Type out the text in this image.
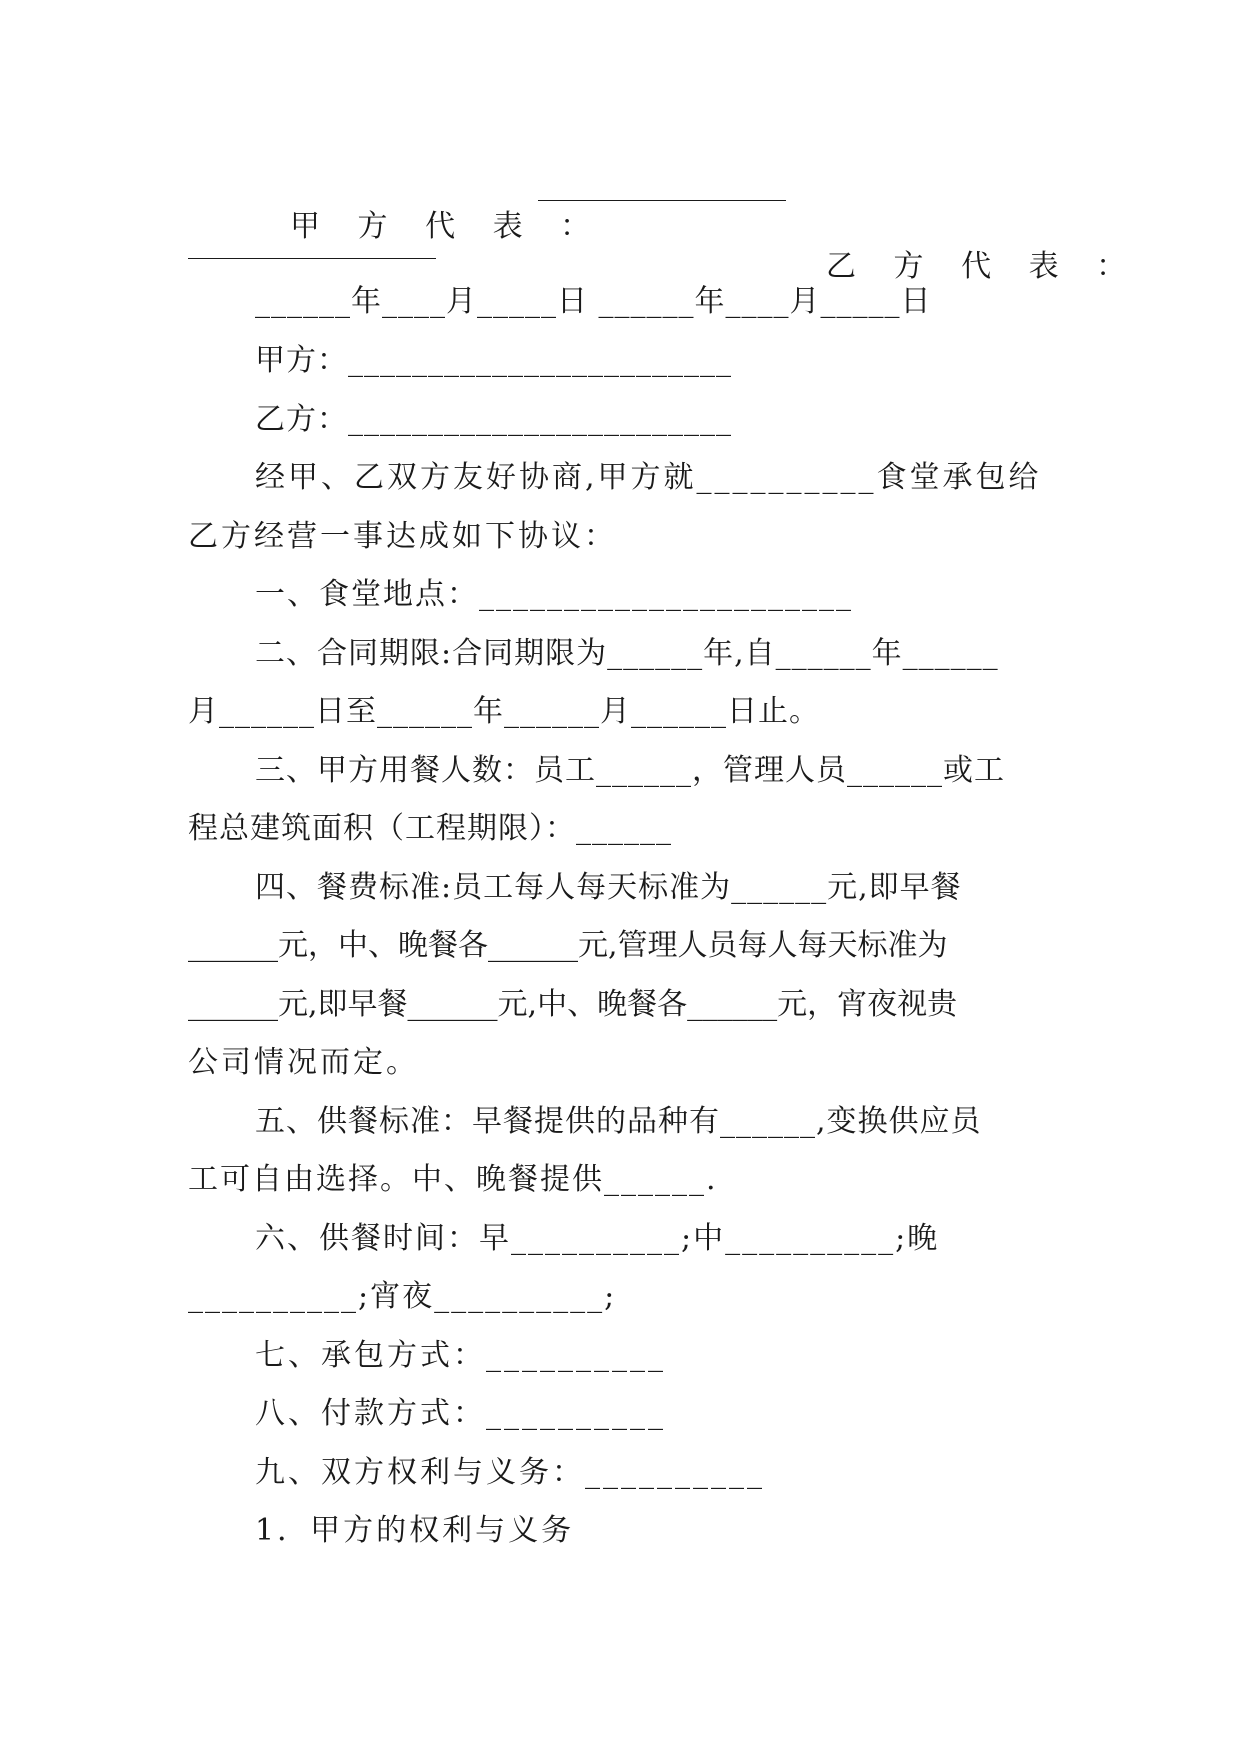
甲 方 代 表 ：

乙 方 代 表 ：

______年____月_____日 ______年____月_____日
甲方：________________________
乙方：________________________
经甲、乙双方友好协商,甲方就__________食堂承包给
乙方经营一事达成如下协议：
一、食堂地点：______________________
二、合同期限:合同期限为______年,自______年______
月______日至______年______月______日止。
三、甲方用餐人数：员工______，管理人员______或工
程总建筑面积（工程期限）：______
四、餐费标准:员工每人每天标准为______元,即早餐
______元，中、晚餐各______元,管理人员每人每天标准为
______元,即早餐______元,中、晚餐各______元，宵夜视贵
公司情况而定。
五、供餐标准：早餐提供的品种有______,变换供应员
工可自由选择。中、晚餐提供______.
六、供餐时间：早__________;中__________;晚
__________;宵夜__________;
七、承包方式：__________
八、付款方式：__________
九、双方权利与义务：__________
1．甲方的权利与义务
